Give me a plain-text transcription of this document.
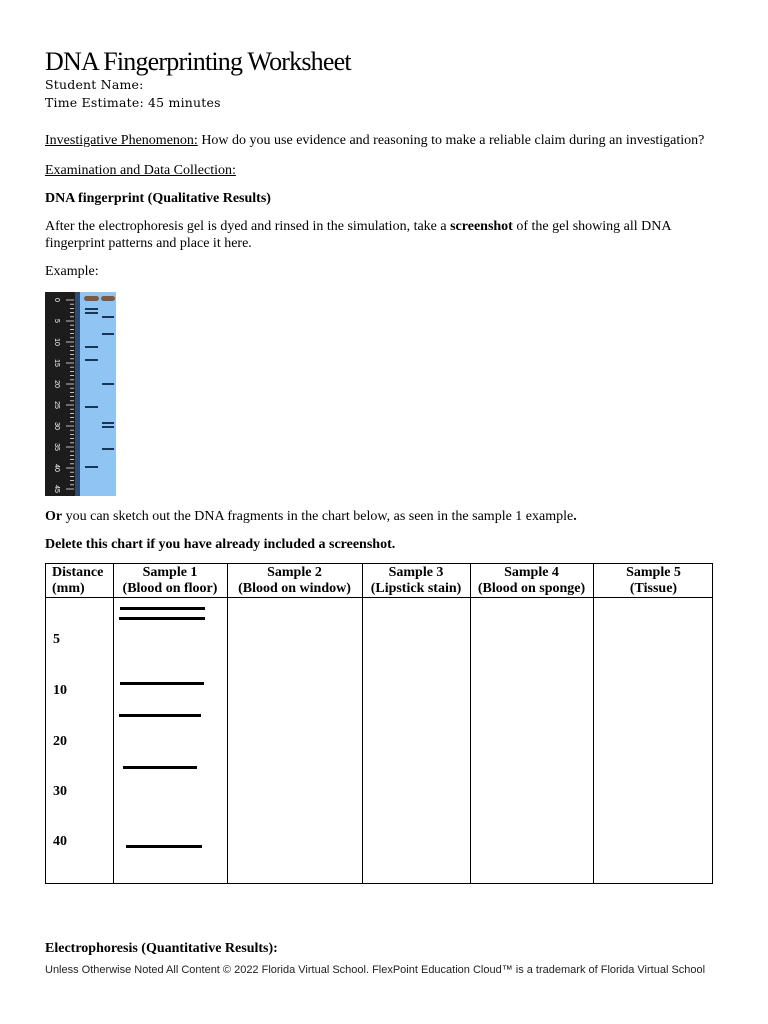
DNA Fingerprinting Worksheet
Student Name:
Time Estimate: 45 minutes
Investigative Phenomenon: How do you use evidence and reasoning to make a reliable claim during an investigation?
Examination and Data Collection:
DNA fingerprint (Qualitative Results)
After the electrophoresis gel is dyed and rinsed in the simulation, take a screenshot of the gel showing all DNA fingerprint patterns and place it here.
Example:
0
5
10
15
20
25
30
35
40
45
Or you can sketch out the DNA fragments in the chart below, as seen in the sample 1 example.
Delete this chart if you have already included a screenshot.
Distance
(mm)
Sample 1
(Blood on floor)
Sample 2
(Blood on window)
Sample 3
(Lipstick stain)
Sample 4
(Blood on sponge)
Sample 5
(Tissue)
5
10
20
30
40
Electrophoresis (Quantitative Results):
Unless Otherwise Noted All Content © 2022 Florida Virtual School. FlexPoint Education Cloud™ is a trademark of Florida Virtual School
